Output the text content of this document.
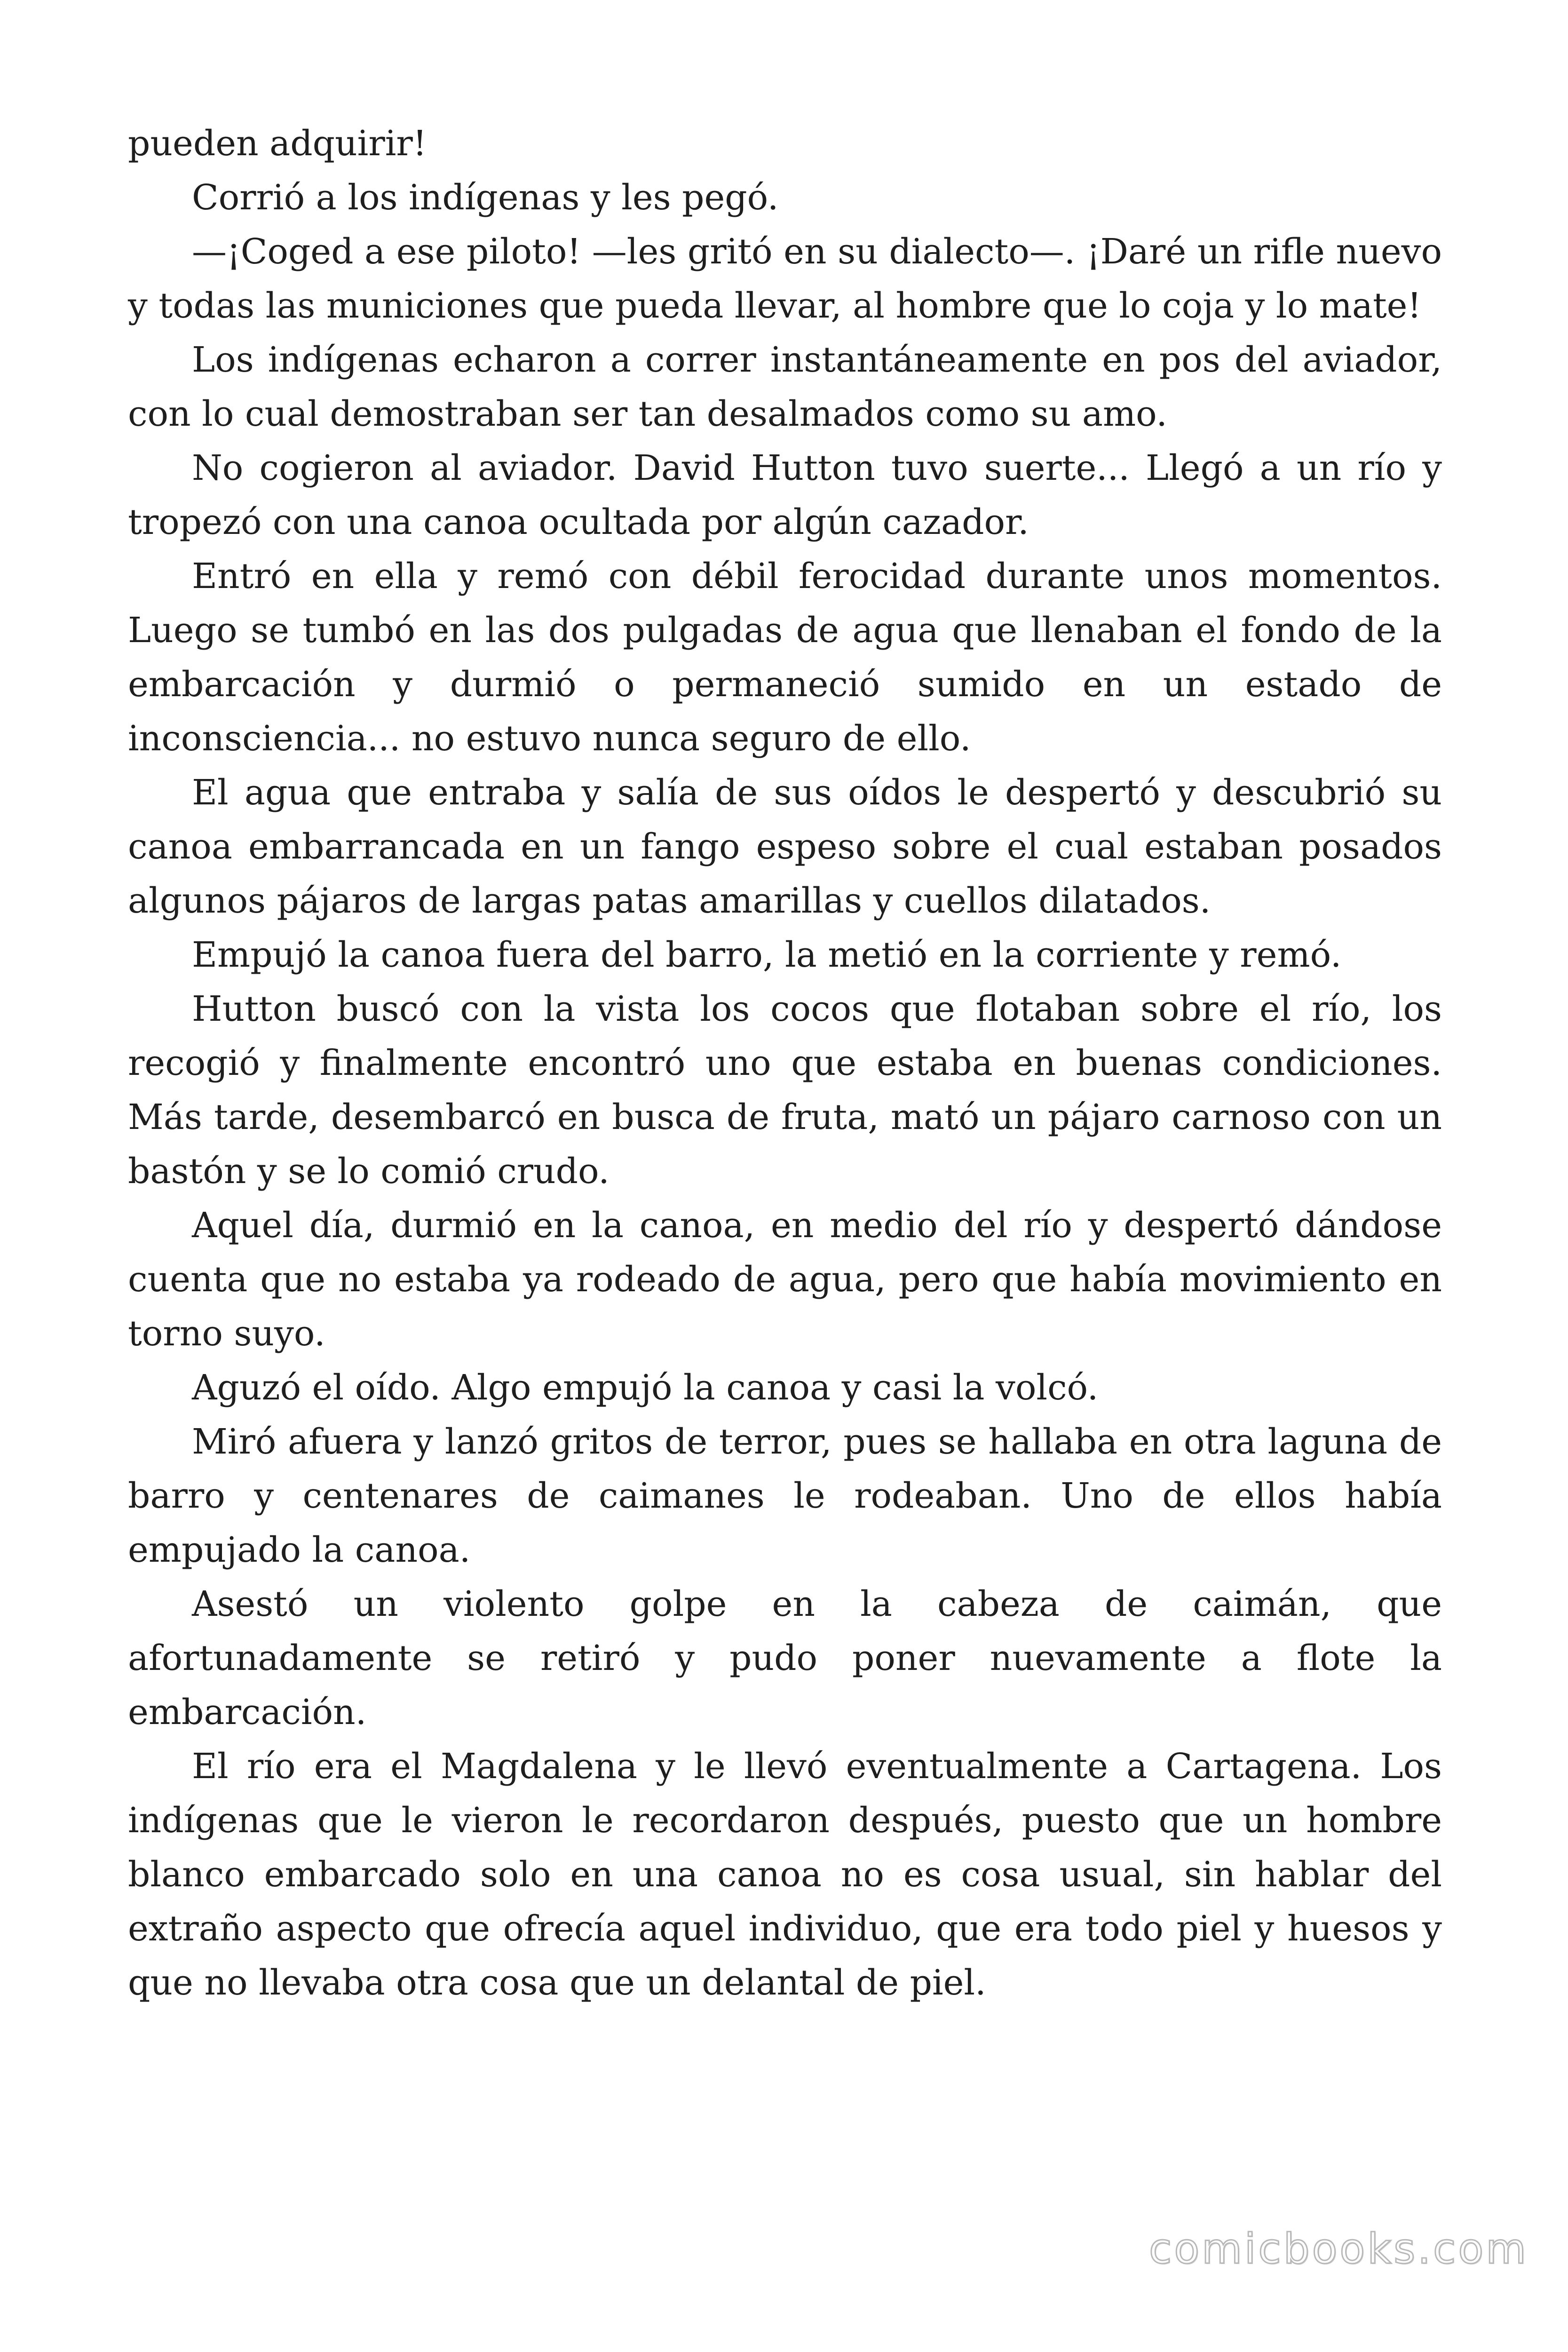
pueden adquirir!

Corrió a los indígenas y les pegó.

—¡Coged a ese piloto! —les gritó en su dialecto—. ¡Daré un rifle nuevo y todas las municiones que pueda llevar, al hombre que lo coja y lo mate!

Los indígenas echaron a correr instantáneamente en pos del aviador, con lo cual demostraban ser tan desalmados como su amo.

No cogieron al aviador. David Hutton tuvo suerte... Llegó a un río y tropezó con una canoa ocultada por algún cazador.

Entró en ella y remó con débil ferocidad durante unos momentos. Luego se tumbó en las dos pulgadas de agua que llenaban el fondo de la embarcación y durmió o permaneció sumido en un estado de inconsciencia... no estuvo nunca seguro de ello.

El agua que entraba y salía de sus oídos le despertó y descubrió su canoa embarrancada en un fango espeso sobre el cual estaban posados algunos pájaros de largas patas amarillas y cuellos dilatados.

Empujó la canoa fuera del barro, la metió en la corriente y remó.

Hutton buscó con la vista los cocos que flotaban sobre el río, los recogió y finalmente encontró uno que estaba en buenas condiciones. Más tarde, desembarcó en busca de fruta, mató un pájaro carnoso con un bastón y se lo comió crudo.

Aquel día, durmió en la canoa, en medio del río y despertó dándose cuenta que no estaba ya rodeado de agua, pero que había movimiento en torno suyo.

Aguzó el oído. Algo empujó la canoa y casi la volcó.

Miró afuera y lanzó gritos de terror, pues se hallaba en otra laguna de barro y centenares de caimanes le rodeaban. Uno de ellos había empujado la canoa.

Asestó un violento golpe en la cabeza de caimán, que afortunadamente se retiró y pudo poner nuevamente a flote la embarcación.

El río era el Magdalena y le llevó eventualmente a Cartagena. Los indígenas que le vieron le recordaron después, puesto que un hombre blanco embarcado solo en una canoa no es cosa usual, sin hablar del extraño aspecto que ofrecía aquel individuo, que era todo piel y huesos y que no llevaba otra cosa que un delantal de piel.

comicbooks.com
